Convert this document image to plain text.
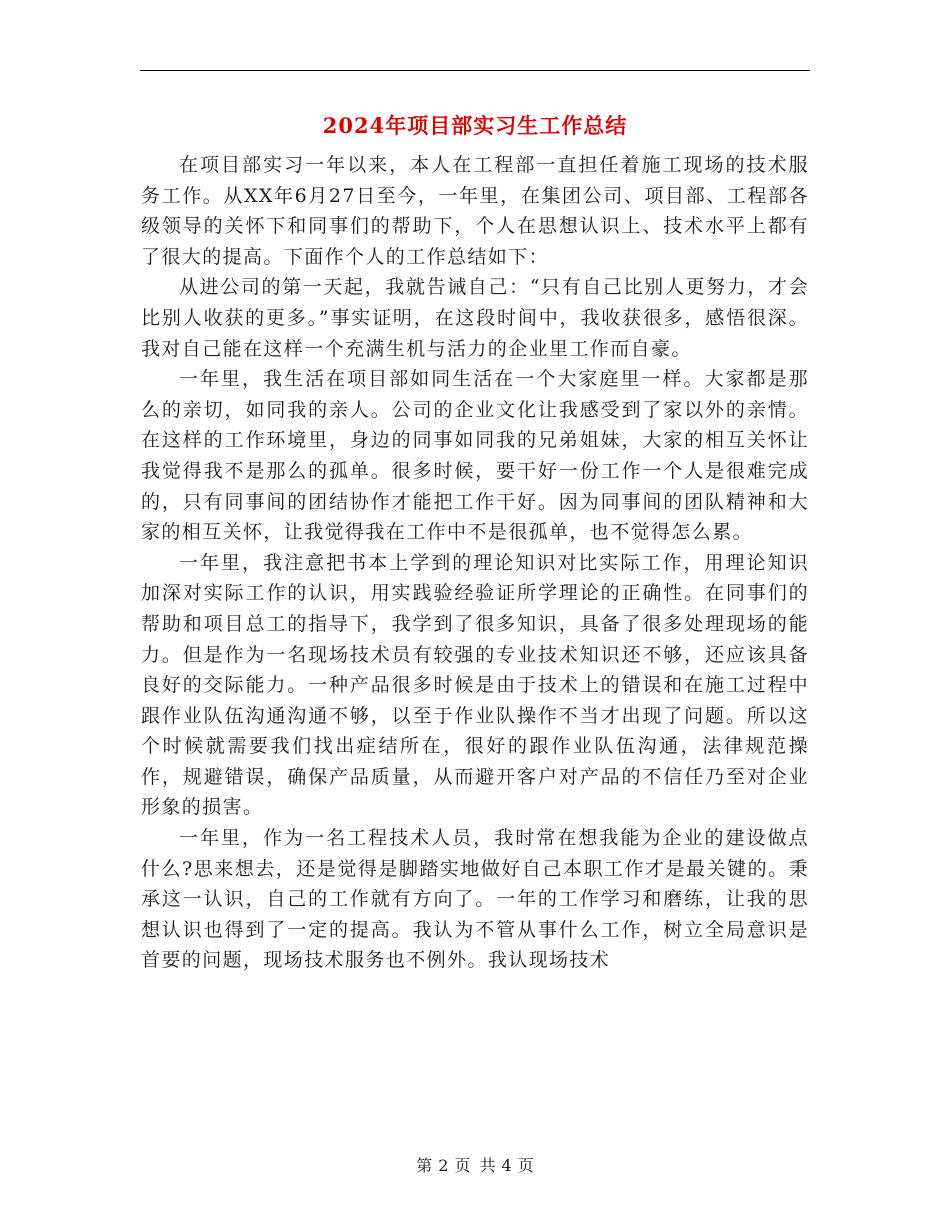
2024年项目部实习生工作总结

在项目部实习一年以来，本人在工程部一直担任着施工现场的技术服务工作。从XX年6月27日至今，一年里，在集团公司、项目部、工程部各级领导的关怀下和同事们的帮助下，个人在思想认识上、技术水平上都有了很大的提高。下面作个人的工作总结如下：

从进公司的第一天起，我就告诫自己：“只有自己比别人更努力，才会比别人收获的更多。”事实证明，在这段时间中，我收获很多，感悟很深。我对自己能在这样一个充满生机与活力的企业里工作而自豪。

一年里，我生活在项目部如同生活在一个大家庭里一样。大家都是那么的亲切，如同我的亲人。公司的企业文化让我感受到了家以外的亲情。在这样的工作环境里，身边的同事如同我的兄弟姐妹，大家的相互关怀让我觉得我不是那么的孤单。很多时候，要干好一份工作一个人是很难完成的，只有同事间的团结协作才能把工作干好。因为同事间的团队精神和大家的相互关怀，让我觉得我在工作中不是很孤单，也不觉得怎么累。

一年里，我注意把书本上学到的理论知识对比实际工作，用理论知识加深对实际工作的认识，用实践验经验证所学理论的正确性。在同事们的帮助和项目总工的指导下，我学到了很多知识，具备了很多处理现场的能力。但是作为一名现场技术员有较强的专业技术知识还不够，还应该具备良好的交际能力。一种产品很多时候是由于技术上的错误和在施工过程中跟作业队伍沟通沟通不够，以至于作业队操作不当才出现了问题。所以这个时候就需要我们找出症结所在，很好的跟作业队伍沟通，法律规范操作，规避错误，确保产品质量，从而避开客户对产品的不信任乃至对企业形象的损害。

一年里，作为一名工程技术人员，我时常在想我能为企业的建设做点什么?思来想去，还是觉得是脚踏实地做好自己本职工作才是最关键的。秉承这一认识，自己的工作就有方向了。一年的工作学习和磨练，让我的思想认识也得到了一定的提高。我认为不管从事什么工作，树立全局意识是首要的问题，现场技术服务也不例外。我认现场技术

第 2 页 共 4 页
